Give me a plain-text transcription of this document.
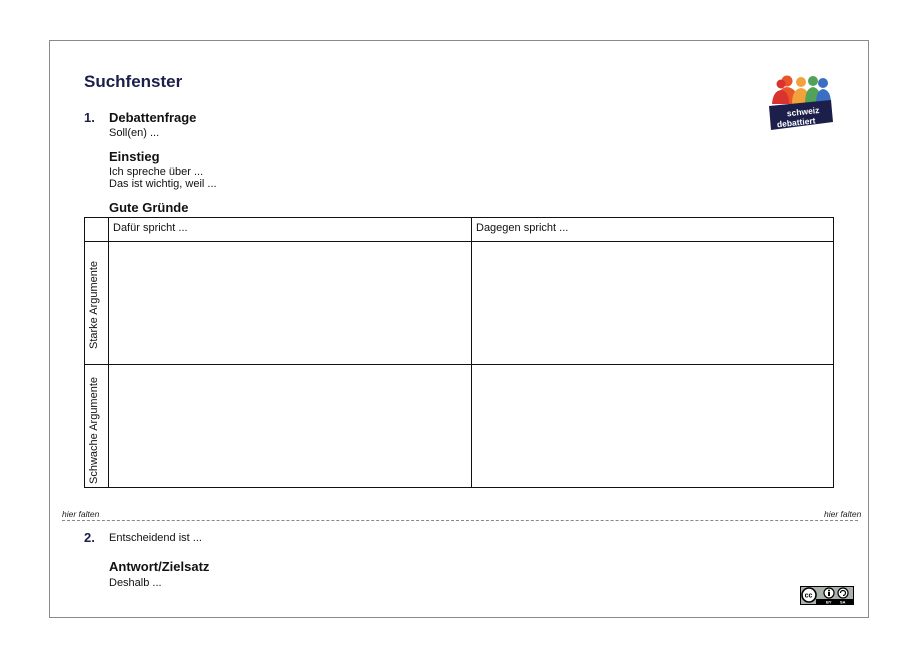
Suchfenster
schweiz
debattiert
1. Debattenfrage
Soll(en) ...
Einstieg
Ich spreche über ...
Das ist wichtig, weil ...
Gute Gründe
Dafür spricht ...	Dagegen spricht ...
Starke Argumente
Schwache Argumente
hier falten	hier falten
2. Entscheidend ist ...
Antwort/Zielsatz
Deshalb ...
cc
BY SA
